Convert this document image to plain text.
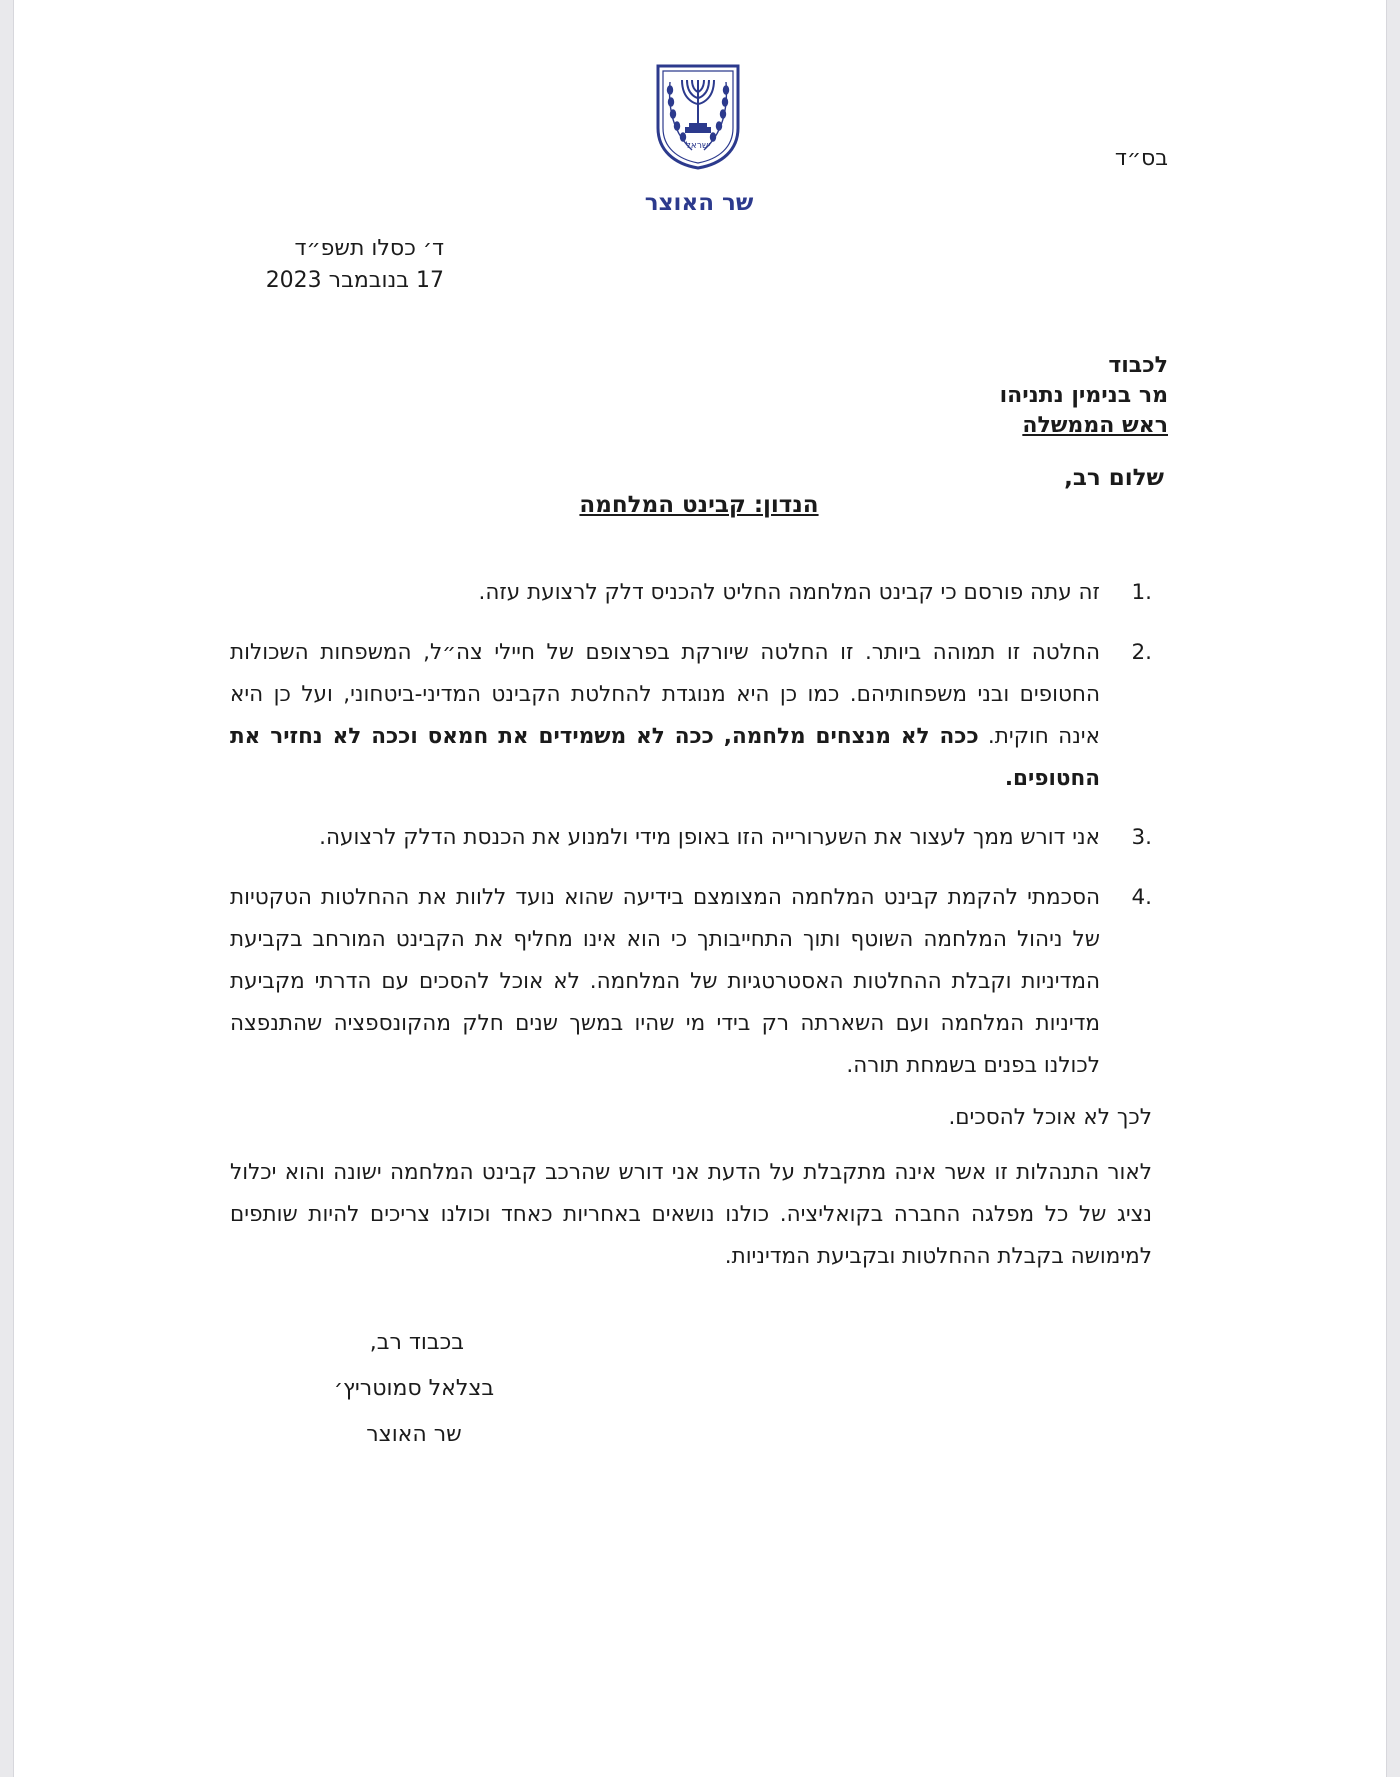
ישראל
שר האוצר
בס״ד
ד׳ כסלו תשפ״ד
17 בנובמבר 2023
לכבוד
מר בנימין נתניהו
ראש הממשלה
שלום רב,
הנדון: קבינט המלחמה
1.
זה עתה פורסם כי קבינט המלחמה החליט להכניס דלק לרצועת עזה.
2.
החלטה זו תמוהה ביותר. זו החלטה שיורקת בפרצופם של חיילי צה״ל, המשפחות השכולות החטופים ובני משפחותיהם. כמו כן היא מנוגדת להחלטת הקבינט המדיני-ביטחוני, ועל כן היא אינה חוקית. ככה לא מנצחים מלחמה, ככה לא משמידים את חמאס וככה לא נחזיר את החטופים.
3.
אני דורש ממך לעצור את השערורייה הזו באופן מידי ולמנוע את הכנסת הדלק לרצועה.
4.
הסכמתי להקמת קבינט המלחמה המצומצם בידיעה שהוא נועד ללוות את ההחלטות הטקטיות של ניהול המלחמה השוטף ותוך התחייבותך כי הוא אינו מחליף את הקבינט המורחב בקביעת המדיניות וקבלת ההחלטות האסטרטגיות של המלחמה. לא אוכל להסכים עם הדרתי מקביעת מדיניות המלחמה ועם השארתה רק בידי מי שהיו במשך שנים חלק מהקונספציה שהתנפצה לכולנו בפנים בשמחת תורה.
לכך לא אוכל להסכים.
לאור התנהלות זו אשר אינה מתקבלת על הדעת אני דורש שהרכב קבינט המלחמה ישונה והוא יכלול נציג של כל מפלגה החברה בקואליציה. כולנו נושאים באחריות כאחד וכולנו צריכים להיות שותפים למימושה בקבלת ההחלטות ובקביעת המדיניות.
בכבוד רב,
בצלאל סמוטריץ׳
שר האוצר
